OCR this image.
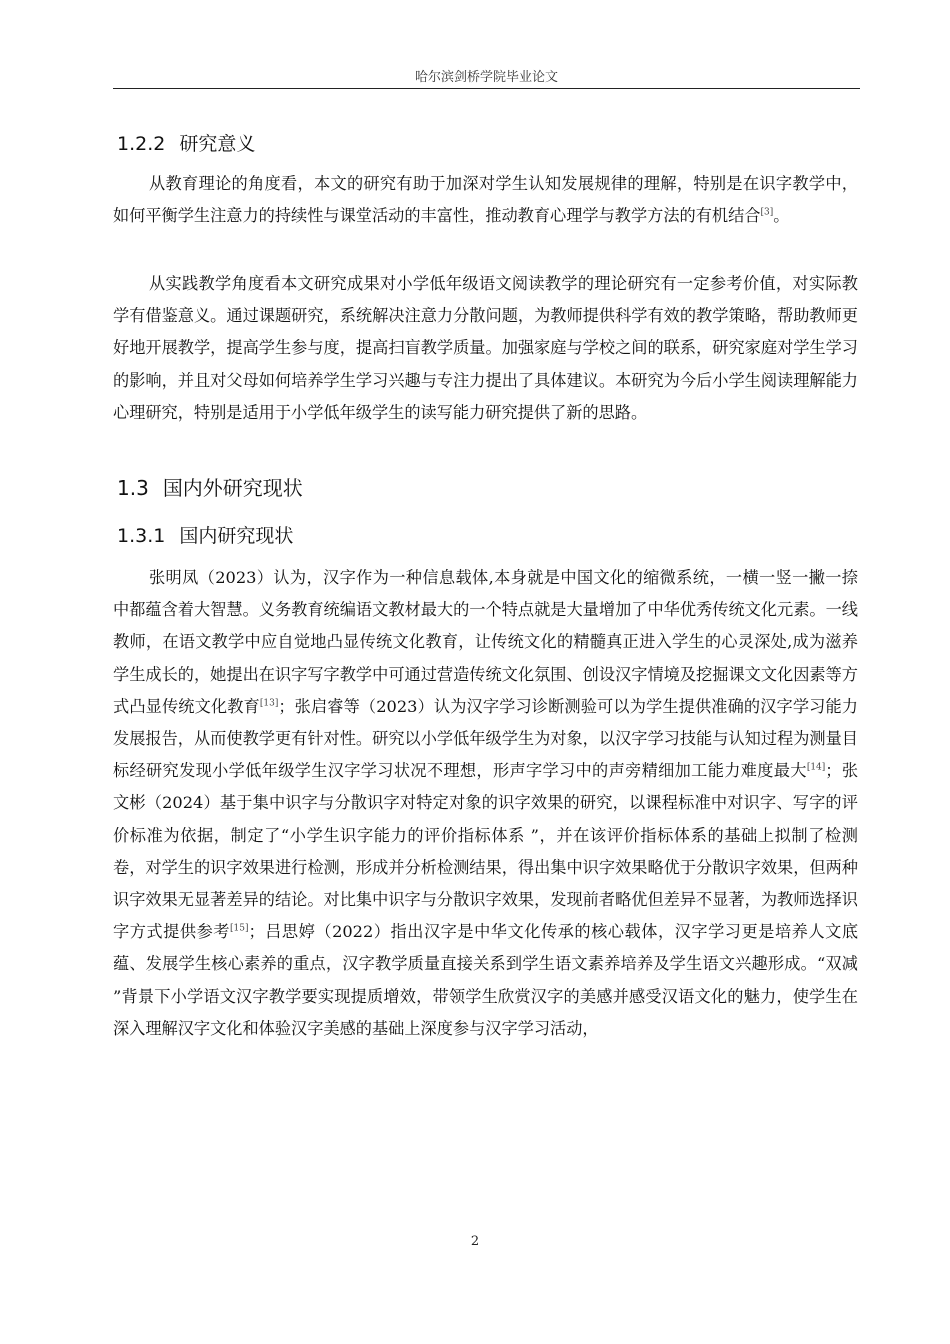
哈尔滨剑桥学院毕业论文
1.2.2 研究意义

从教育理论的角度看，本文的研究有助于加深对学生认知发展规律的理解，特别是在识字教学中，如何平衡学生注意力的持续性与课堂活动的丰富性，推动教育心理学与教学方法的有机结合[3]。

从实践教学角度看本文研究成果对小学低年级语文阅读教学的理论研究有一定参考价值，对实际教学有借鉴意义。通过课题研究，系统解决注意力分散问题，为教师提供科学有效的教学策略，帮助教师更好地开展教学，提高学生参与度，提高扫盲教学质量。加强家庭与学校之间的联系，研究家庭对学生学习的影响，并且对父母如何培养学生学习兴趣与专注力提出了具体建议。本研究为今后小学生阅读理解能力心理研究，特别是适用于小学低年级学生的读写能力研究提供了新的思路。

1.3 国内外研究现状
1.3.1 国内研究现状

张明凤（2023）认为，汉字作为一种信息载体,本身就是中国文化的缩微系统，一横一竖一撇一捺中都蕴含着大智慧。义务教育统编语文教材最大的一个特点就是大量增加了中华优秀传统文化元素。一线教师，在语文教学中应自觉地凸显传统文化教育，让传统文化的精髓真正进入学生的心灵深处,成为滋养学生成长的，她提出在识字写字教学中可通过营造传统文化氛围、创设汉字情境及挖掘课文文化因素等方式凸显传统文化教育[13]；张启睿等（2023）认为汉字学习诊断测验可以为学生提供准确的汉字学习能力发展报告，从而使教学更有针对性。研究以小学低年级学生为对象，以汉字学习技能与认知过程为测量目标经研究发现小学低年级学生汉字学习状况不理想，形声字学习中的声旁精细加工能力难度最大[14]；张文彬（2024）基于集中识字与分散识字对特定对象的识字效果的研究，以课程标准中对识字、写字的评价标准为依据，制定了“小学生识字能力的评价指标体系 ”，并在该评价指标体系的基础上拟制了检测卷，对学生的识字效果进行检测，形成并分析检测结果，得出集中识字效果略优于分散识字效果，但两种识字效果无显著差异的结论。对比集中识字与分散识字效果，发现前者略优但差异不显著，为教师选择识字方式提供参考[15]；吕思婷（2022）指出汉字是中华文化传承的核心载体，汉字学习更是培养人文底蕴、发展学生核心素养的重点，汉字教学质量直接关系到学生语文素养培养及学生语文兴趣形成。“双减 ”背景下小学语文汉字教学要实现提质增效，带领学生欣赏汉字的美感并感受汉语文化的魅力，使学生在深入理解汉字文化和体验汉字美感的基础上深度参与汉字学习活动，

2
